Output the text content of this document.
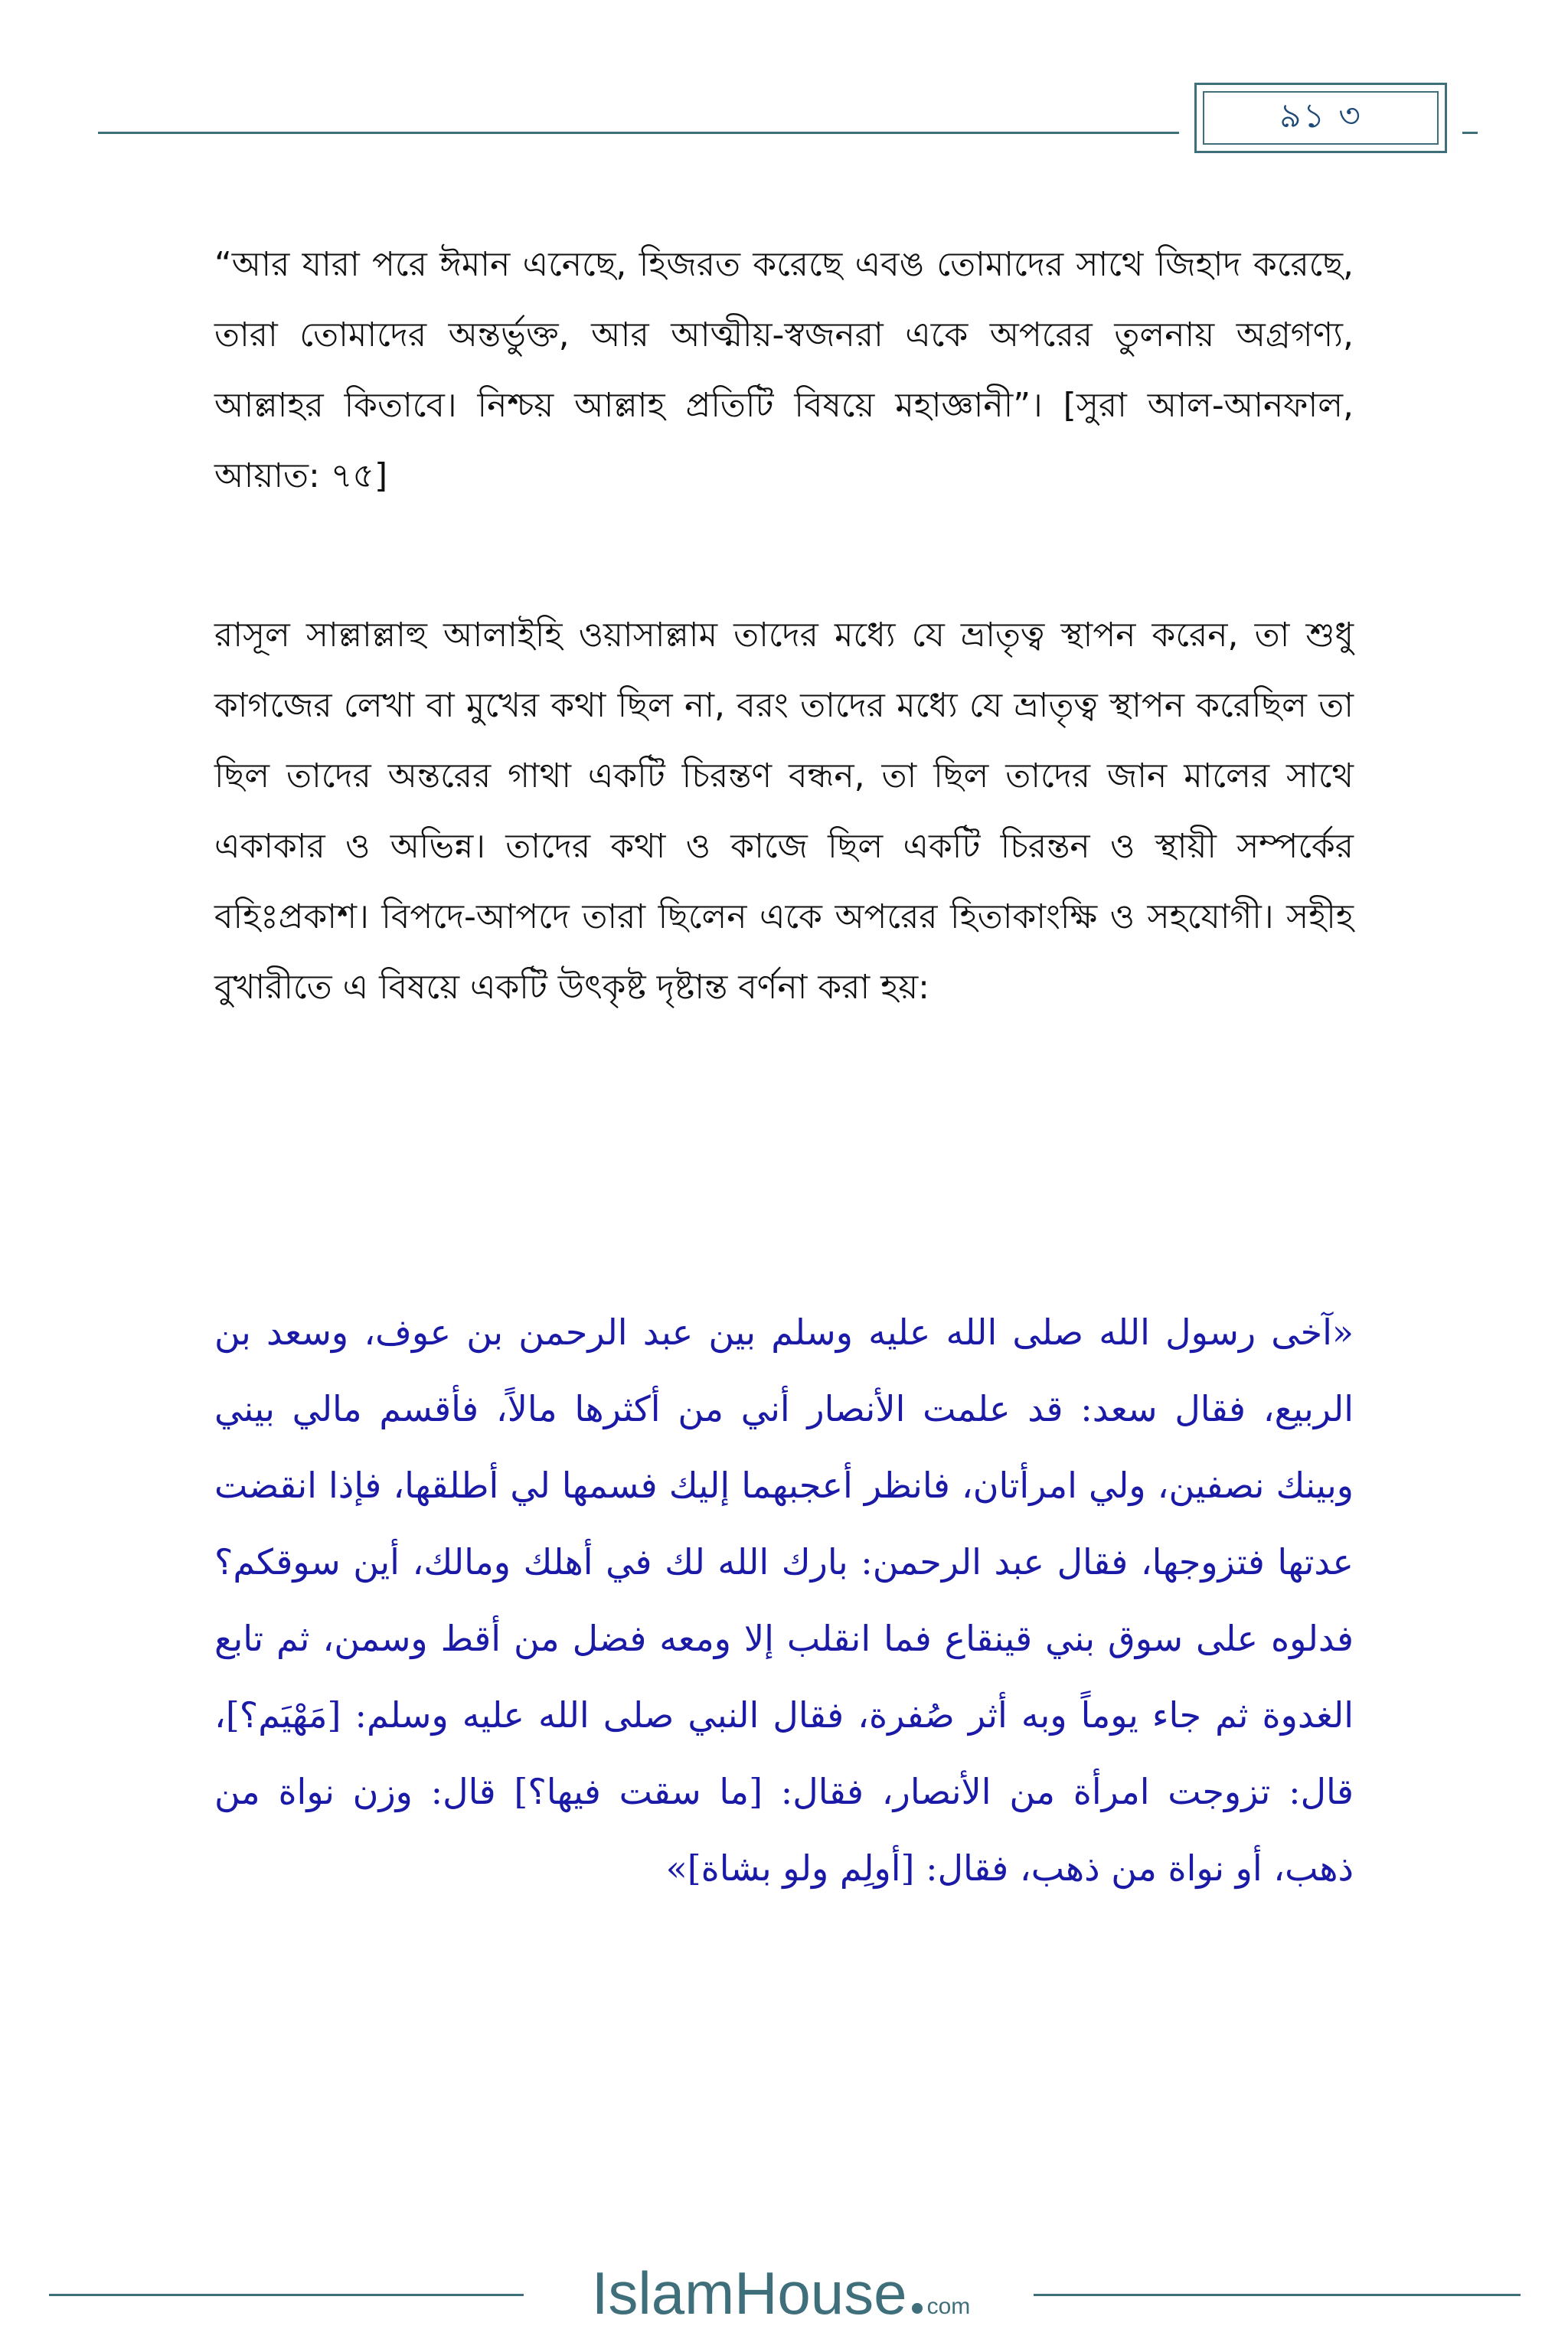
৯১ ৩

“আর যারা পরে ঈমান এনেছে, হিজরত করেছে এবঙ তোমাদের সাথে জিহাদ করেছে, তারা তোমাদের অন্তর্ভুক্ত, আর আত্মীয়-স্বজনরা একে অপরের তুলনায় অগ্রগণ্য, আল্লাহর কিতাবে। নিশ্চয় আল্লাহ প্রতিটি বিষয়ে মহাজ্ঞানী”। [সুরা আল-আনফাল, আয়াত: ৭৫]

রাসূল সাল্লাল্লাহু আলাইহি ওয়াসাল্লাম তাদের মধ্যে যে ভ্রাতৃত্ব স্থাপন করেন, তা শুধু কাগজের লেখা বা মুখের কথা ছিল না, বরং তাদের মধ্যে যে ভ্রাতৃত্ব স্থাপন করেছিল তা ছিল তাদের অন্তরের গাথা একটি চিরন্তণ বন্ধন, তা ছিল তাদের জান মালের সাথে একাকার ও অভিন্ন। তাদের কথা ও কাজে ছিল একটি চিরন্তন ও স্থায়ী সম্পর্কের বহিঃপ্রকাশ। বিপদে-আপদে তারা ছিলেন একে অপরের হিতাকাংক্ষি ও সহযোগী। সহীহ বুখারীতে এ বিষয়ে একটি উৎকৃষ্ট দৃষ্টান্ত বর্ণনা করা হয়:

«آخى رسول الله صلى الله عليه وسلم بين عبد الرحمن بن عوف، وسعد بن الربيع، فقال سعد: قد علمت الأنصار أني من أكثرها مالاً، فأقسم مالي بيني وبينك نصفين، ولي امرأتان، فانظر أعجبهما إليك فسمها لي أطلقها، فإذا انقضت عدتها فتزوجها، فقال عبد الرحمن: بارك الله لك في أهلك ومالك، أين سوقكم؟ فدلوه على سوق بني قينقاع فما انقلب إلا ومعه فضل من أقط وسمن، ثم تابع الغدوة ثم جاء يوماً وبه أثر صُفرة، فقال النبي صلى الله عليه وسلم: [مَهْيَم؟]، قال: تزوجت امرأة من الأنصار، فقال: [ما سقت فيها؟] قال: وزن نواة من ذهب، أو نواة من ذهب، فقال: [أولِم ولو بشاة]»

IslamHouse com
